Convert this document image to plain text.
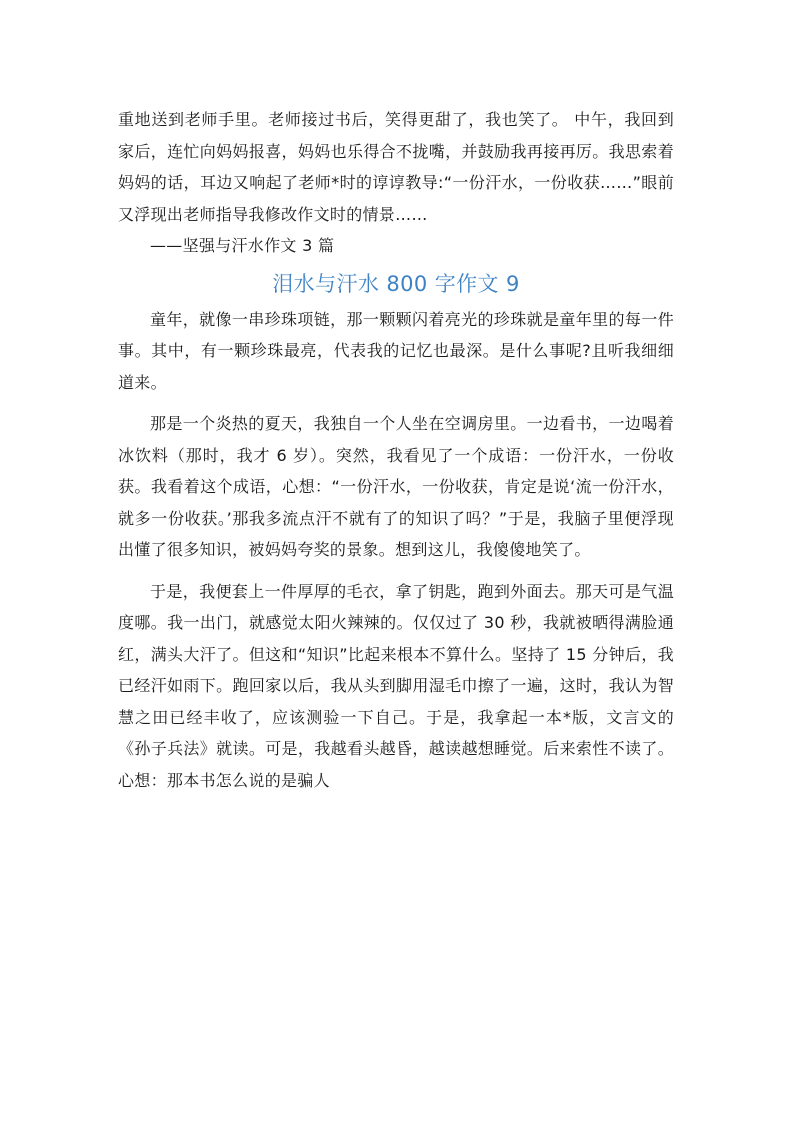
重地送到老师手里。老师接过书后，笑得更甜了，我也笑了。 中午，我回到家后，连忙向妈妈报喜，妈妈也乐得合不拢嘴，并鼓励我再接再厉。我思索着妈妈的话，耳边又响起了老师*时的谆谆教导:“一份汗水，一份收获……”眼前又浮现出老师指导我修改作文时的情景……

——坚强与汗水作文 3 篇

泪水与汗水 800 字作文 9

童年，就像一串珍珠项链，那一颗颗闪着亮光的珍珠就是童年里的每一件事。其中，有一颗珍珠最亮，代表我的记忆也最深。是什么事呢?且听我细细道来。

那是一个炎热的夏天，我独自一个人坐在空调房里。一边看书，一边喝着冰饮料（那时，我才 6 岁）。突然，我看见了一个成语：一份汗水，一份收获。我看着这个成语，心想：“一份汗水，一份收获，肯定是说‘流一份汗水，就多一份收获。’那我多流点汗不就有了的知识了吗？”于是，我脑子里便浮现出懂了很多知识，被妈妈夸奖的景象。想到这儿，我傻傻地笑了。

于是，我便套上一件厚厚的毛衣，拿了钥匙，跑到外面去。那天可是气温度哪。我一出门，就感觉太阳火辣辣的。仅仅过了 30 秒，我就被晒得满脸通红，满头大汗了。但这和“知识”比起来根本不算什么。坚持了 15 分钟后，我已经汗如雨下。跑回家以后，我从头到脚用湿毛巾擦了一遍，这时，我认为智慧之田已经丰收了，应该测验一下自己。于是，我拿起一本*版，文言文的《孙子兵法》就读。可是，我越看头越昏，越读越想睡觉。后来索性不读了。心想：那本书怎么说的是骗人
